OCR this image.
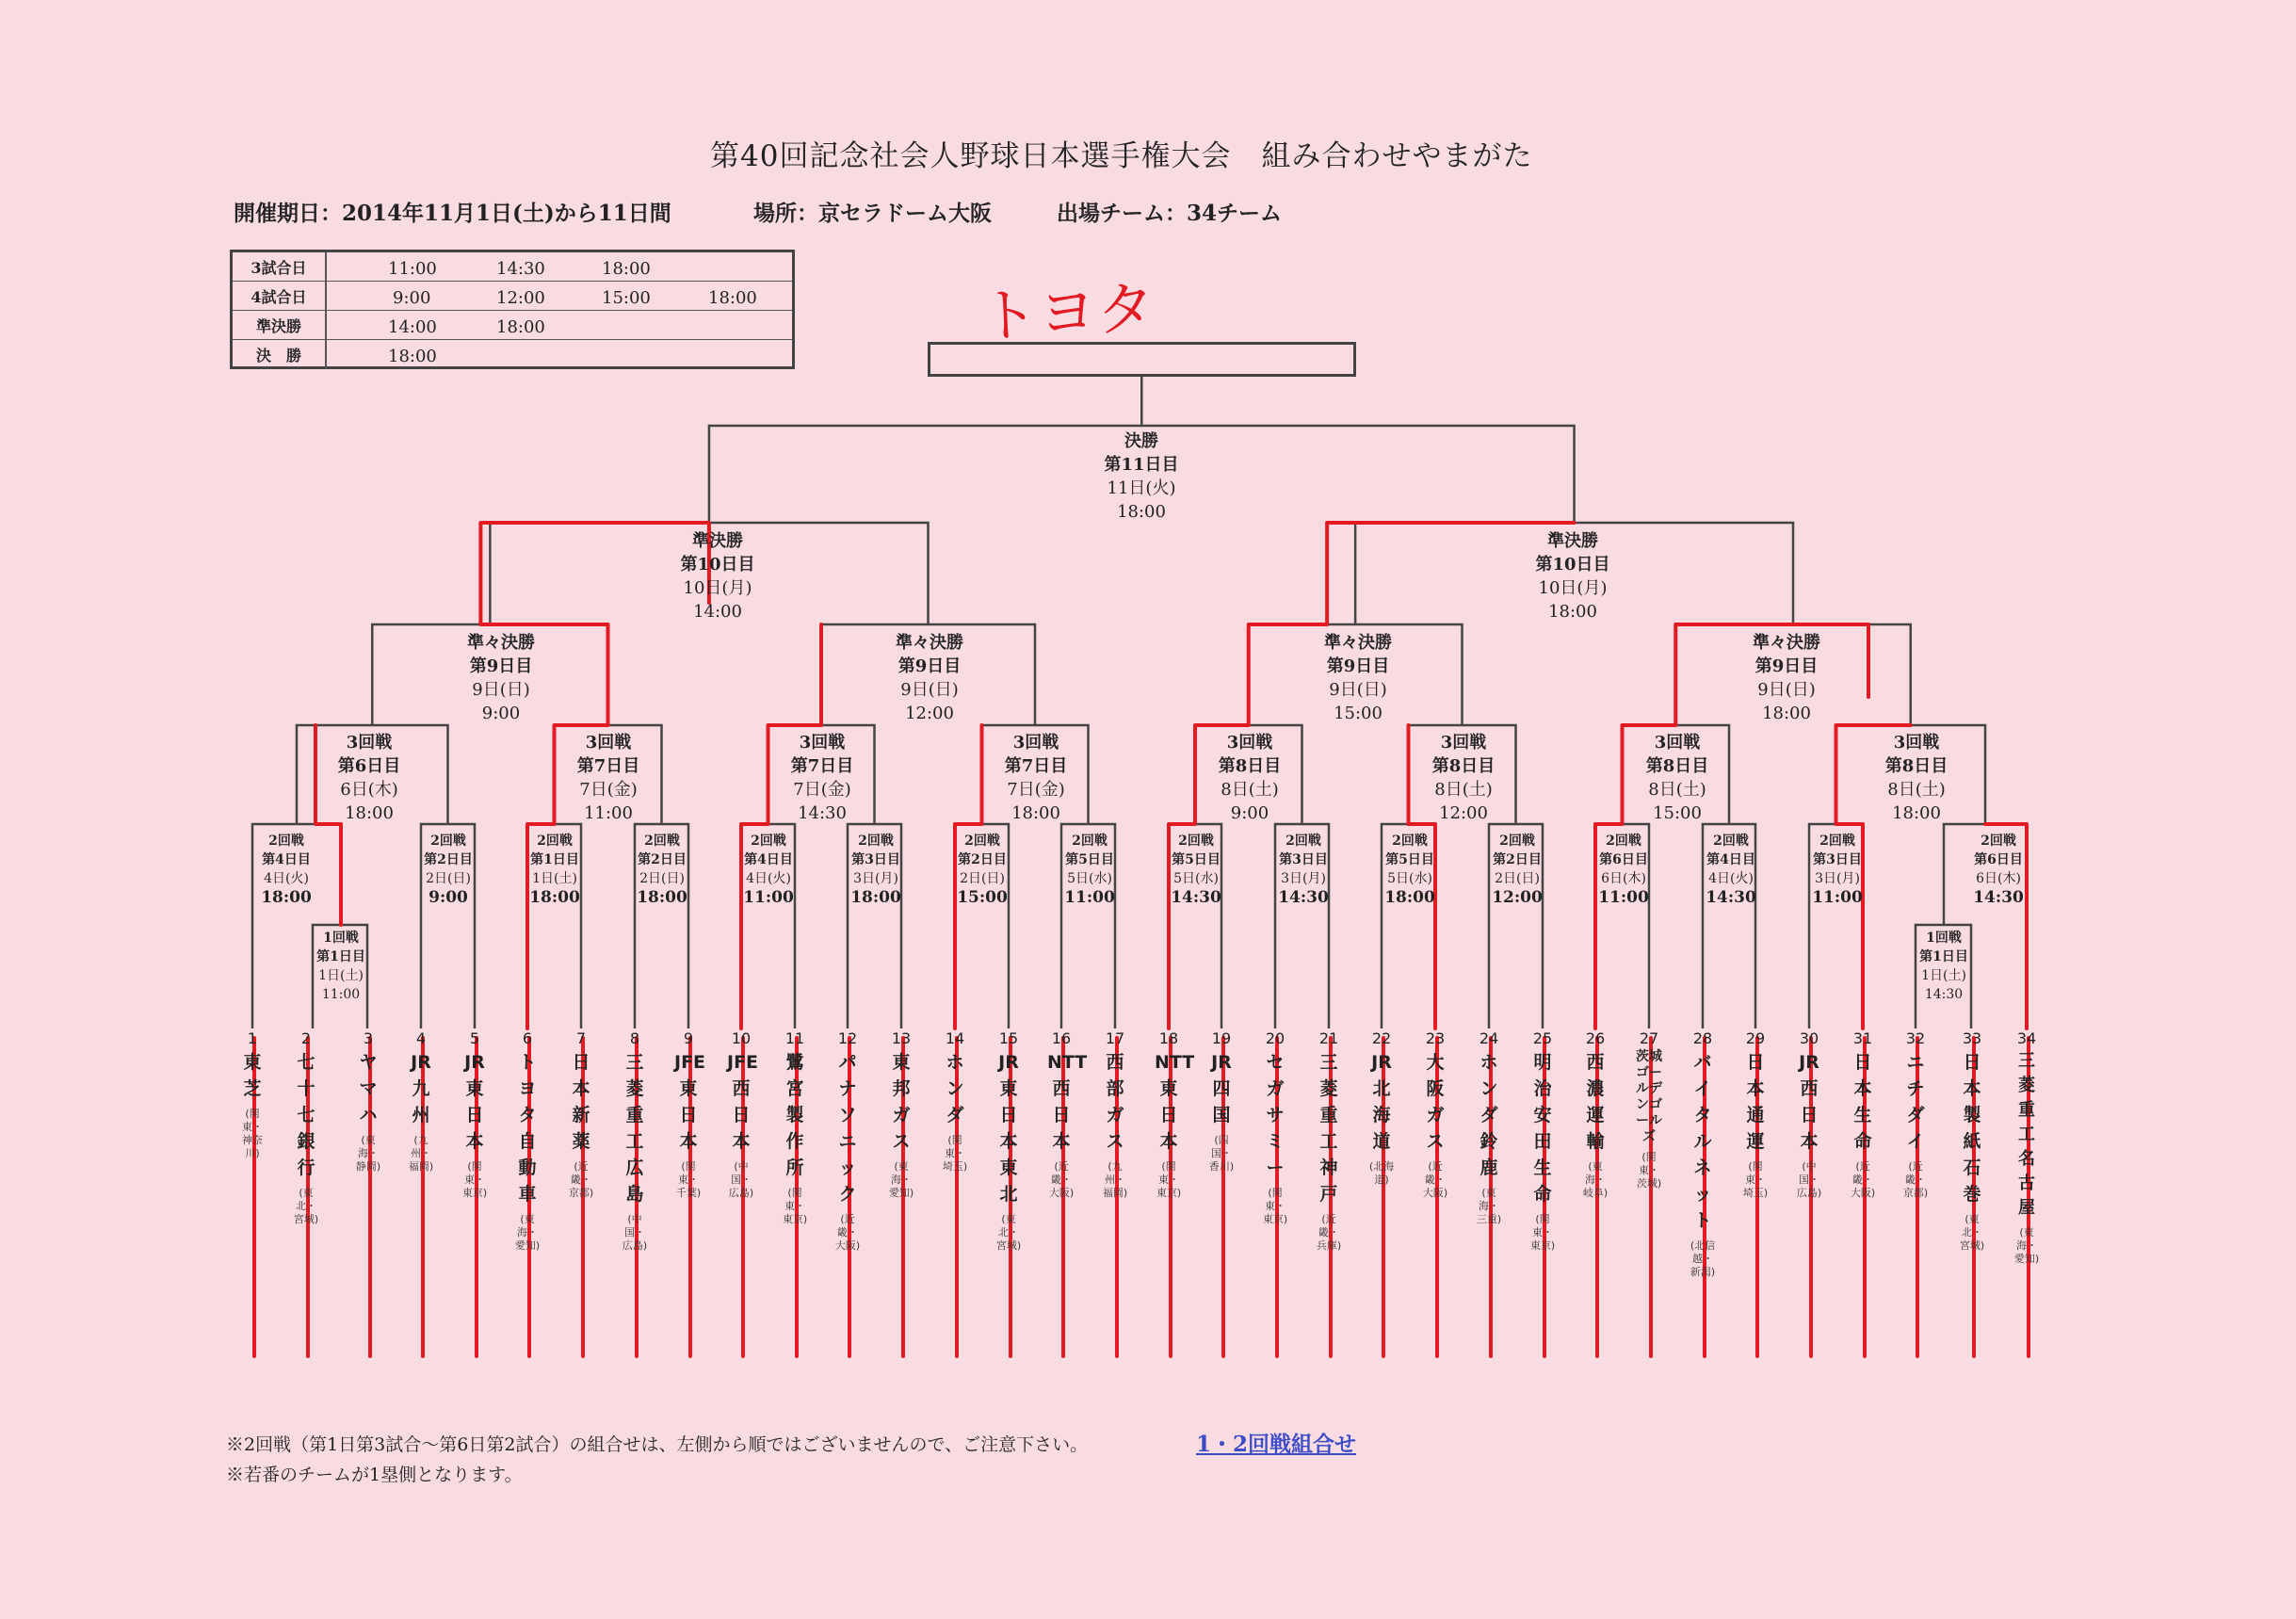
第40回記念社会人野球日本選手権大会　組み合わせやまがた
開催期日：2014年11月1日(土)から11日間	場所：京セラドーム大阪	出場チーム：34チーム
3試合日	11:00	14:30	18:00
4試合日	9:00	12:00	15:00	18:00
準決勝	14:00	18:00
決　勝	18:00
トヨタ
決勝
第11日目
11日(火)
18:00
準決勝
第10日目
10日(月)
14:00
準決勝
第10日目
10日(月)
18:00
準々決勝
第9日目
9日(日)
9:00
準々決勝
第9日目
9日(日)
12:00
準々決勝
第9日目
9日(日)
15:00
準々決勝
第9日目
9日(日)
18:00
3回戦
第6日目
6日(木)
18:00
3回戦
第7日目
7日(金)
11:00
3回戦
第7日目
7日(金)
14:30
3回戦
第7日目
7日(金)
18:00
3回戦
第8日目
8日(土)
9:00
3回戦
第8日目
8日(土)
12:00
3回戦
第8日目
8日(土)
15:00
3回戦
第8日目
8日(土)
18:00
2回戦
第4日目
4日(火)
18:00
2回戦
第2日目
2日(日)
9:00
2回戦
第1日目
1日(土)
18:00
2回戦
第2日目
2日(日)
18:00
2回戦
第4日目
4日(火)
11:00
2回戦
第3日目
3日(月)
18:00
2回戦
第2日目
2日(日)
15:00
2回戦
第5日目
5日(水)
11:00
2回戦
第5日目
5日(水)
14:30
2回戦
第3日目
3日(月)
14:30
2回戦
第5日目
5日(水)
18:00
2回戦
第2日目
2日(日)
12:00
2回戦
第6日目
6日(木)
11:00
2回戦
第4日目
4日(火)
14:30
2回戦
第3日目
3日(月)
11:00
2回戦
第6日目
6日(木)
14:30
1回戦
第1日目
1日(土)
11:00
1回戦
第1日目
1日(土)
14:30
1
東芝
(関東・神奈川)
2
七十七銀行
(東北・宮城)
3
ヤマハ
(東海・静岡)
4
JR九州
(九州・福岡)
5
JR東日本
(関東・東京)
6
トヨタ自動車
(東海・愛知)
7
日本新薬
(近畿・京都)
8
三菱重工広島
(中国・広島)
9
JFE東日本
(関東・千葉)
10
JFE西日本
(中国・広島)
11
鷺宮製作所
(関東・東京)
12
パナソニック
(近畿・大阪)
13
東邦ガス
(東海・愛知)
14
ホンダ
(関東・埼玉)
15
JR東日本東北
(東北・宮城)
16
NTT西日本
(近畿・大阪)
17
西部ガス
(九州・福岡)
18
NTT東日本
(関東・東京)
19
JR四国
(四国・香川)
20
セガサミー
(関東・東京)
21
三菱重工神戸
(近畿・兵庫)
22
JR北海道
(北海道)
23
大阪ガス
(近畿・大阪)
24
ホンダ鈴鹿
(東海・三重)
25
明治安田生命
(関東・東京)
26
西濃運輸
(東海・岐阜)
27
茨城ゴールデンゴールズ
(関東・茨城)
28
バイタルネット
(北信越・新潟)
29
日本通運
(関東・埼玉)
30
JR西日本
(中国・広島)
31
日本生命
(近畿・大阪)
32
ニチダイ
(近畿・京都)
33
日本製紙石巻
(東北・宮城)
34
三菱重工名古屋
(東海・愛知)
※2回戦（第1日第3試合～第6日第2試合）の組合せは、左側から順ではございませんので、ご注意下さい。
※若番のチームが1塁側となります。
1・2回戦組合せ
